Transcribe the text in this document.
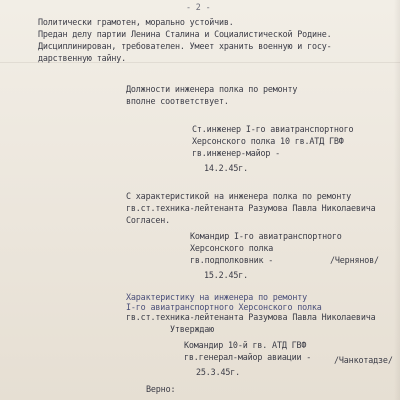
- 2 -
Политически грамотен, морально устойчив.
Предан делу партии Ленина Сталина и Социалистической Родине.
Дисциплинирован, требователен. Умеет хранить военную и госу-
дарственную тайну.
Должности инженера полка по ремонту
вполне соответствует.
Ст.инженер I-го авиатранспортного
Херсонского полка 10 гв.АТД ГВФ
гв.инженер-майор -
14.2.45г.
С характеристикой на инженера полка по ремонту
гв.ст.техника-лейтенанта Разумова Павла Николаевича
Согласен.
Командир I-го авиатранспортного
Херсонского полка
гв.подполковник -	/Чернянов/
15.2.45г.
Характеристику на инженера по ремонту
I-го авиатранспортного Херсонского полка
гв.ст.техника-лейтенанта Разумова Павла Николаевича
Утверждаю
Командир 10-й гв. АТД ГВФ
гв.генерал-майор авиации -	/Чанкотадзе/
25.3.45г.
Верно:
